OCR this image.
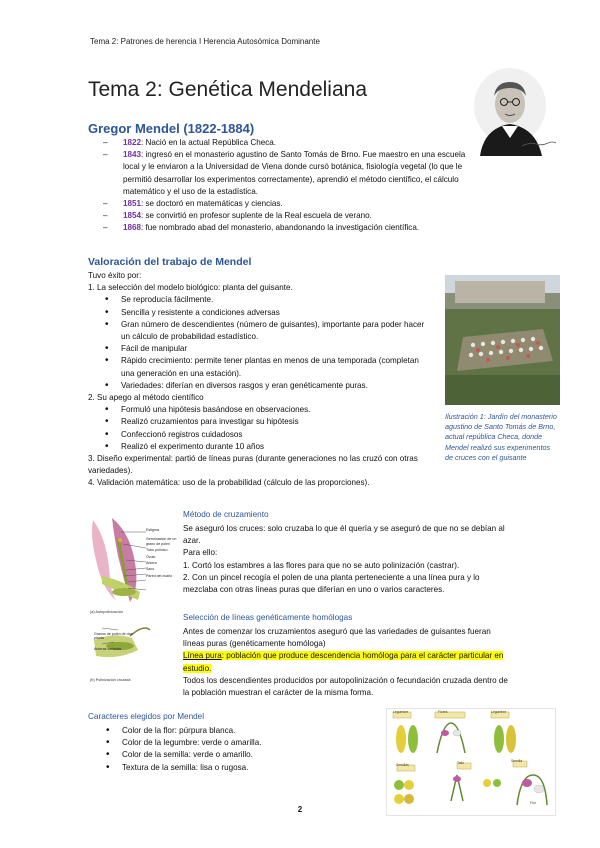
Tema 2: Patrones de herencia I Herencia Autosómica Dominante
Tema 2: Genética Mendeliana
Gregor Mendel (1822-1884)
– 1822: Nació en la actual República Checa.
– 1843: ingresó en el monasterio agustino de Santo Tomás de Brno. Fue maestro en una escuela local y le enviaron a la Universidad de Viena donde cursó botánica, fisiología vegetal (lo que le permitió desarrollar los experimentos correctamente), aprendió el método científico, el cálculo matemático y el uso de la estadística.
– 1851: se doctoró en matemáticas y ciencias.
– 1854: se convirtió en profesor suplente de la Real escuela de verano.
– 1868: fue nombrado abad del monasterio, abandonando la investigación científica.
Valoración del trabajo de Mendel
Tuvo éxito por:
1. La selección del modelo biológico: planta del guisante.
• Se reproducía fácilmente.
• Sencilla y resistente a condiciones adversas
• Gran número de descendientes (número de guisantes), importante para poder hacer un cálculo de probabilidad estadístico.
• Fácil de manipular
• Rápido crecimiento: permite tener plantas en menos de una temporada (completan una generación en una estación).
• Variedades: diferían en diversos rasgos y eran genéticamente puras.
2. Su apego al método científico
• Formuló una hipótesis basándose en observaciones.
• Realizó cruzamientos para investigar su hipótesis
• Confeccionó registros cuidadosos
• Realizó el experimento durante 10 años
3. Diseño experimental: partió de líneas puras (durante generaciones no las cruzó con otras variedades).
4. Validación matemática: uso de la probabilidad (cálculo de las proporciones).
Ilustración 1: Jardín del monasterio agustino de Santo Tomás de Brno, actual república Checa, donde Mendel realizó sus experimentos de cruces con el guisante
Estigma
Germinación de un grano de polen
Tubo polínico
Óvulo
Antera
Saco
Pared del ovario
(a) Autopolinización
Granos de polen de otra planta
Anteras cortadas
(b) Polinización cruzada
Método de cruzamiento
Se aseguró los cruces: solo cruzaba lo que él quería y se aseguró de que no se debían al azar.
Para ello:
1. Cortó los estambres a las flores para que no se auto polinización (castrar).
2. Con un pincel recogía el polen de una planta perteneciente a una línea pura y lo mezclaba con otras líneas puras que diferían en uno o varios caracteres.
Selección de líneas genéticamente homólogas
Antes de comenzar los cruzamientos aseguró que las variedades de guisantes fueran líneas puras (genéticamente homóloga)
Línea pura: población que produce descendencia homóloga para el carácter particular en estudio.
Todos los descendientes producidos por autopolinización o fecundación cruzada dentro de la población muestran el carácter de la misma forma.
Caracteres elegidos por Mendel
• Color de la flor: púrpura blanca.
• Color de la legumbre: verde o amarilla.
• Color de la semilla: verde o amarillo.
• Textura de la semilla: lisa o rugosa.
Legumbre	Flores	Legumbre
Semillas	Tallo	Semilla
Flor
2
